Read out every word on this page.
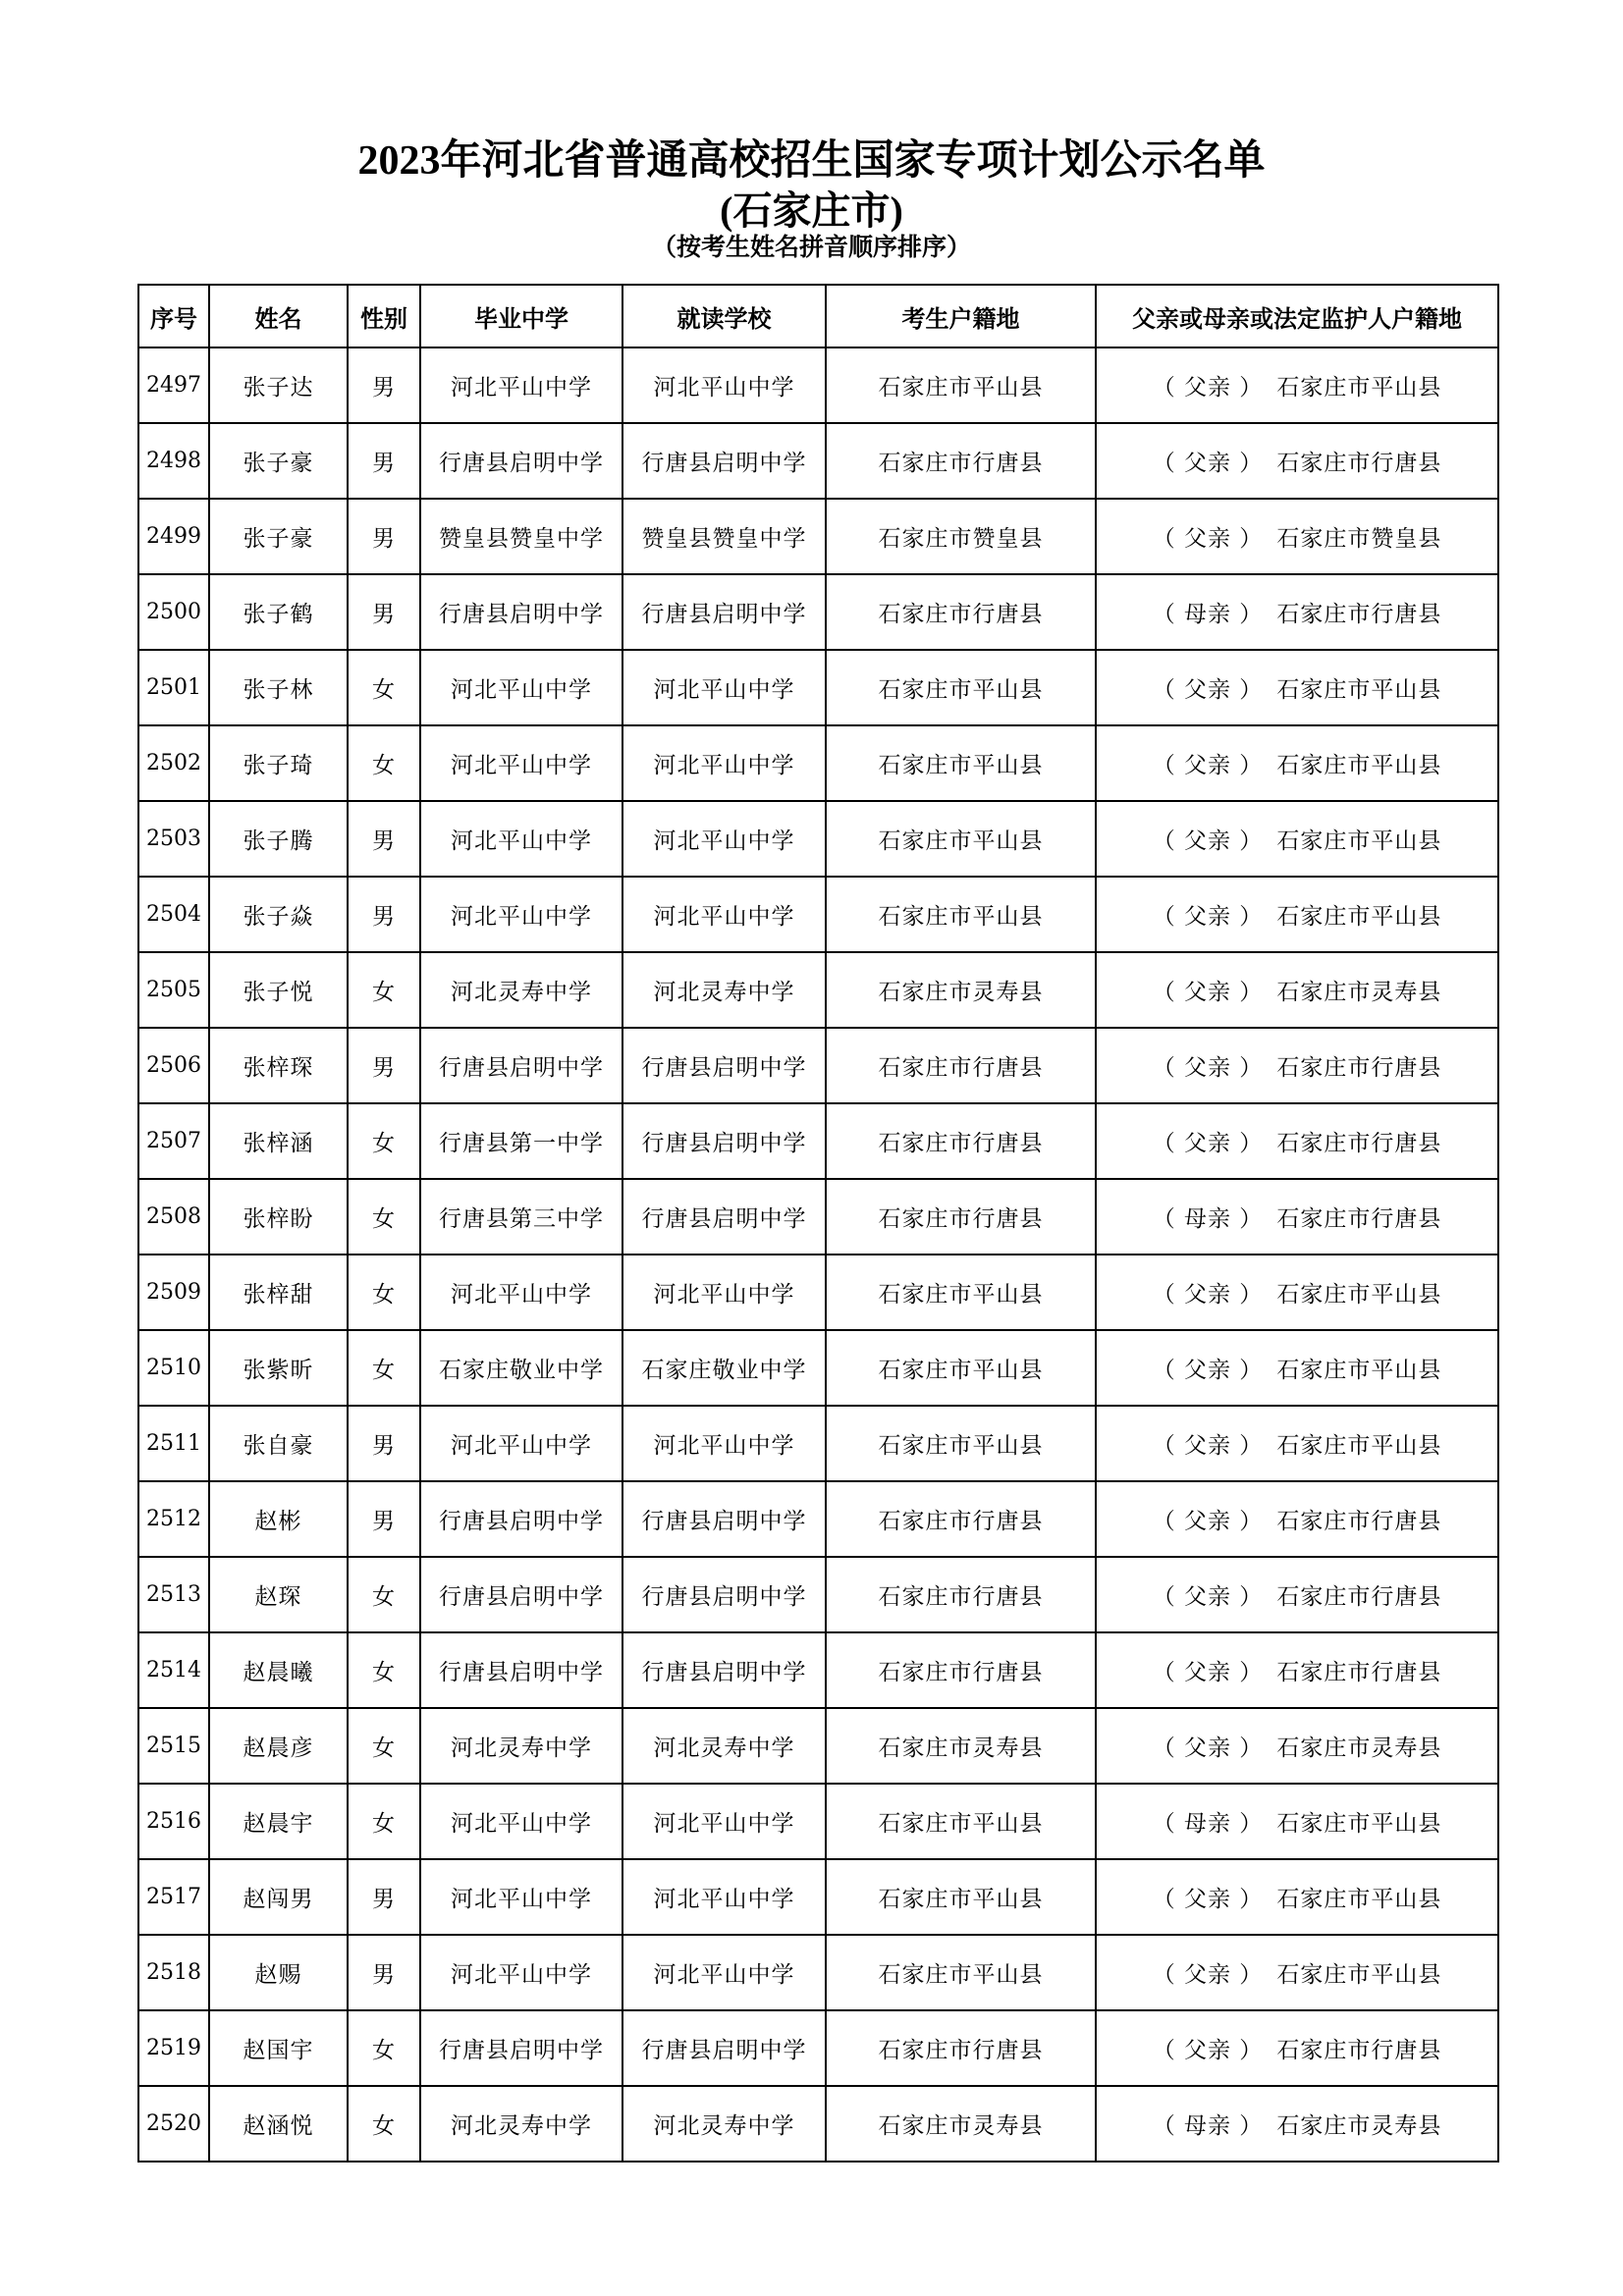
2023年河北省普通高校招生国家专项计划公示名单
(石家庄市)
（按考生姓名拼音顺序排序）
序号	姓名	性别	毕业中学	就读学校	考生户籍地	父亲或母亲或法定监护人户籍地
2497	张子达	男	河北平山中学	河北平山中学	石家庄市平山县	（ 父亲 ） 石家庄市平山县
2498	张子豪	男	行唐县启明中学	行唐县启明中学	石家庄市行唐县	（ 父亲 ） 石家庄市行唐县
2499	张子豪	男	赞皇县赞皇中学	赞皇县赞皇中学	石家庄市赞皇县	（ 父亲 ） 石家庄市赞皇县
2500	张子鹤	男	行唐县启明中学	行唐县启明中学	石家庄市行唐县	（ 母亲 ） 石家庄市行唐县
2501	张子林	女	河北平山中学	河北平山中学	石家庄市平山县	（ 父亲 ） 石家庄市平山县
2502	张子琦	女	河北平山中学	河北平山中学	石家庄市平山县	（ 父亲 ） 石家庄市平山县
2503	张子腾	男	河北平山中学	河北平山中学	石家庄市平山县	（ 父亲 ） 石家庄市平山县
2504	张子焱	男	河北平山中学	河北平山中学	石家庄市平山县	（ 父亲 ） 石家庄市平山县
2505	张子悦	女	河北灵寿中学	河北灵寿中学	石家庄市灵寿县	（ 父亲 ） 石家庄市灵寿县
2506	张梓琛	男	行唐县启明中学	行唐县启明中学	石家庄市行唐县	（ 父亲 ） 石家庄市行唐县
2507	张梓涵	女	行唐县第一中学	行唐县启明中学	石家庄市行唐县	（ 父亲 ） 石家庄市行唐县
2508	张梓盼	女	行唐县第三中学	行唐县启明中学	石家庄市行唐县	（ 母亲 ） 石家庄市行唐县
2509	张梓甜	女	河北平山中学	河北平山中学	石家庄市平山县	（ 父亲 ） 石家庄市平山县
2510	张紫昕	女	石家庄敬业中学	石家庄敬业中学	石家庄市平山县	（ 父亲 ） 石家庄市平山县
2511	张自豪	男	河北平山中学	河北平山中学	石家庄市平山县	（ 父亲 ） 石家庄市平山县
2512	赵彬	男	行唐县启明中学	行唐县启明中学	石家庄市行唐县	（ 父亲 ） 石家庄市行唐县
2513	赵琛	女	行唐县启明中学	行唐县启明中学	石家庄市行唐县	（ 父亲 ） 石家庄市行唐县
2514	赵晨曦	女	行唐县启明中学	行唐县启明中学	石家庄市行唐县	（ 父亲 ） 石家庄市行唐县
2515	赵晨彦	女	河北灵寿中学	河北灵寿中学	石家庄市灵寿县	（ 父亲 ） 石家庄市灵寿县
2516	赵晨宇	女	河北平山中学	河北平山中学	石家庄市平山县	（ 母亲 ） 石家庄市平山县
2517	赵闯男	男	河北平山中学	河北平山中学	石家庄市平山县	（ 父亲 ） 石家庄市平山县
2518	赵赐	男	河北平山中学	河北平山中学	石家庄市平山县	（ 父亲 ） 石家庄市平山县
2519	赵国宇	女	行唐县启明中学	行唐县启明中学	石家庄市行唐县	（ 父亲 ） 石家庄市行唐县
2520	赵涵悦	女	河北灵寿中学	河北灵寿中学	石家庄市灵寿县	（ 母亲 ） 石家庄市灵寿县
